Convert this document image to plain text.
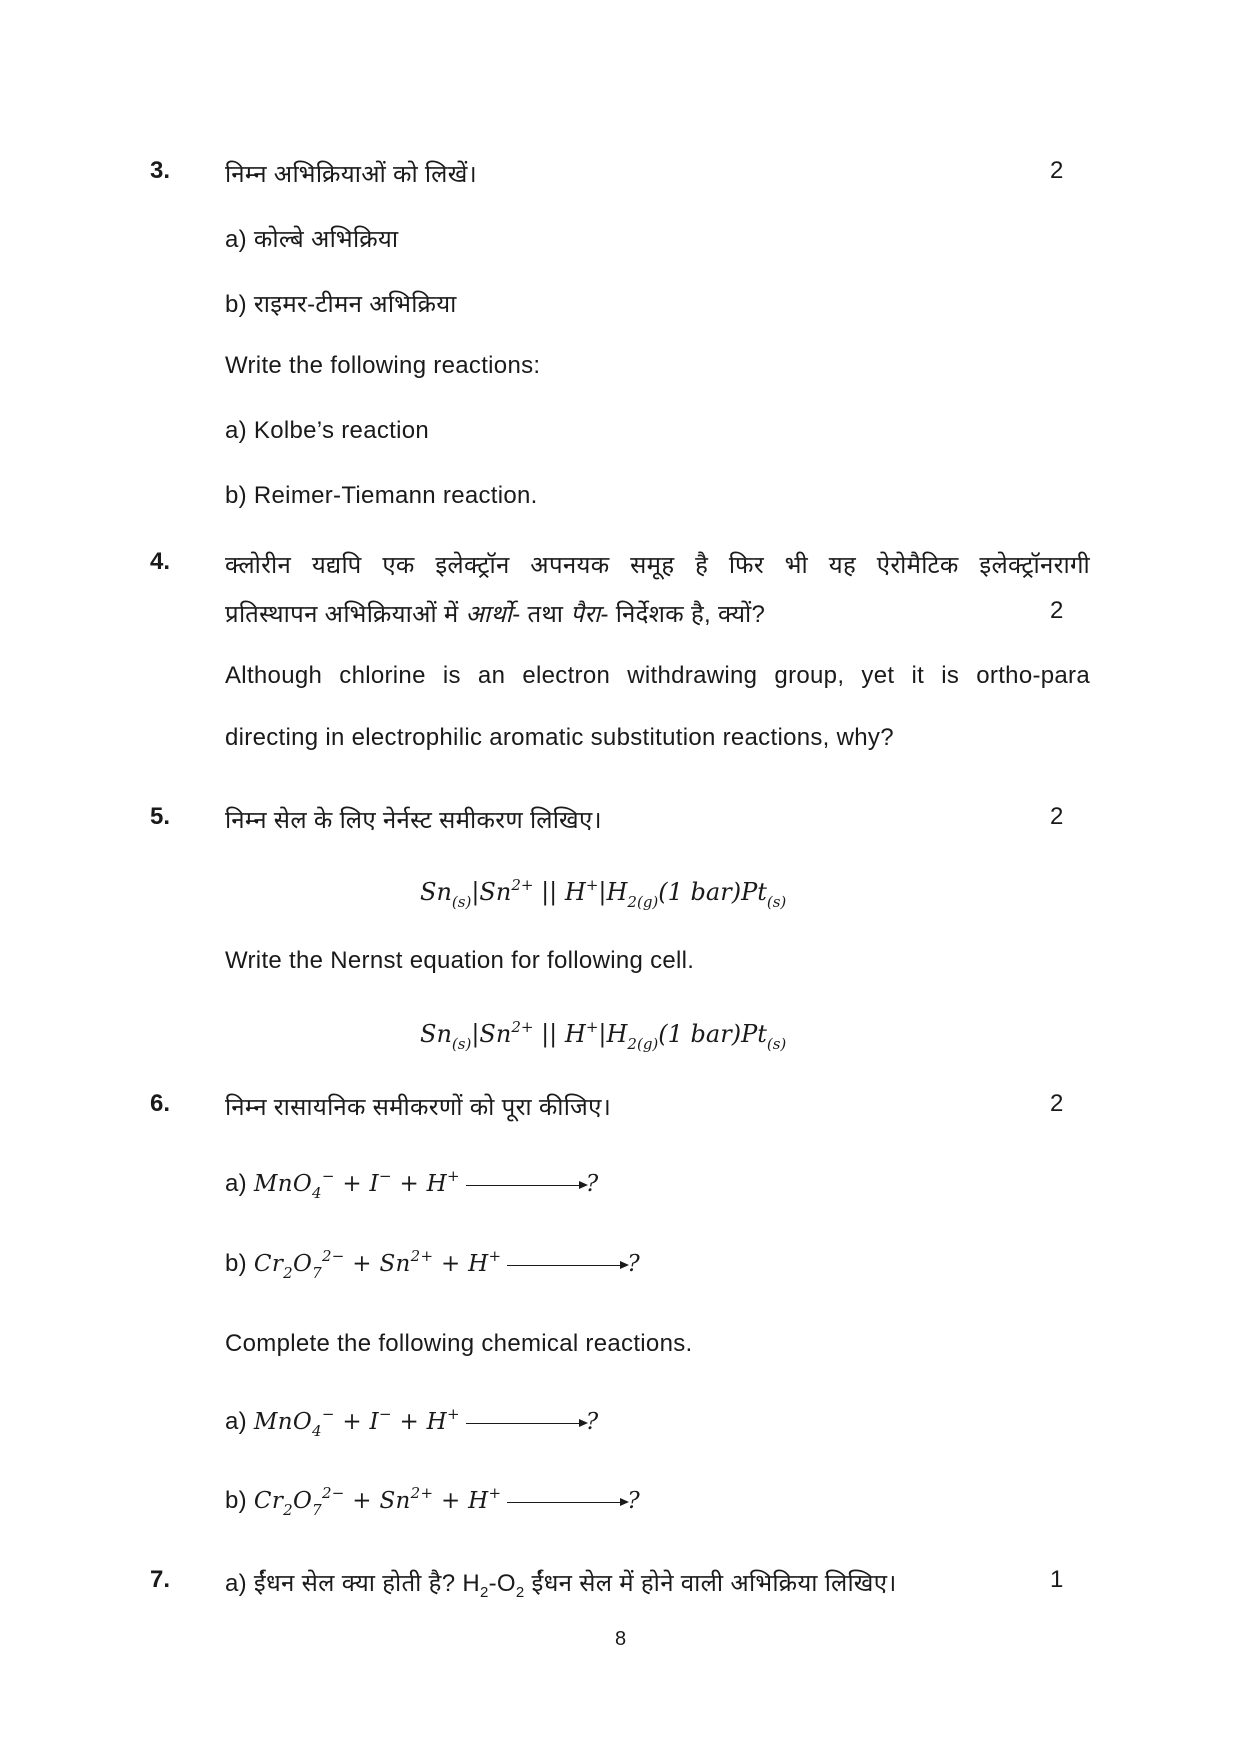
3. निम्न अभिक्रियाओं को लिखें।	2
a) कोल्बे अभिक्रिया
b) राइमर-टीमन अभिक्रिया
Write the following reactions:
a) Kolbe’s reaction
b) Reimer-Tiemann reaction.
4. क्लोरीन यद्यपि एक इलेक्ट्रॉन अपनयक समूह है फिर भी यह ऐरोमैटिक इलेक्ट्रॉनरागी
प्रतिस्थापन अभिक्रियाओं में आर्थो- तथा पैरा- निर्देशक है, क्यों?	2
Although chlorine is an electron withdrawing group, yet it is ortho-para
directing in electrophilic aromatic substitution reactions, why?
5. निम्न सेल के लिए नेर्नस्ट समीकरण लिखिए।	2
$Sn_{(s)}|Sn^{2+}$ || $H^+|H_{2(g)}(1$ $bar)Pt_{(s)}$
Write the Nernst equation for following cell.
$Sn_{(s)}|Sn^{2+}$ || $H^+|H_{2(g)}(1$ $bar)Pt_{(s)}$
6. निम्न रासायनिक समीकरणों को पूरा कीजिए।	2
a) MnO$_4$− + I− + H+	?
b) $Cr_2O_7^{2-} + Sn^{2+} + H^+$	?
Complete the following chemical reactions.
a) MnO$_4$− + I− + H+	?
b) $Cr_2O_7^{2-} + Sn^{2+} + H^+$	?
7. a) ईंधन सेल क्या होती है? $H_2-O_2$ ईंधन सेल में होने वाली अभिक्रिया लिखिए।	1
8
